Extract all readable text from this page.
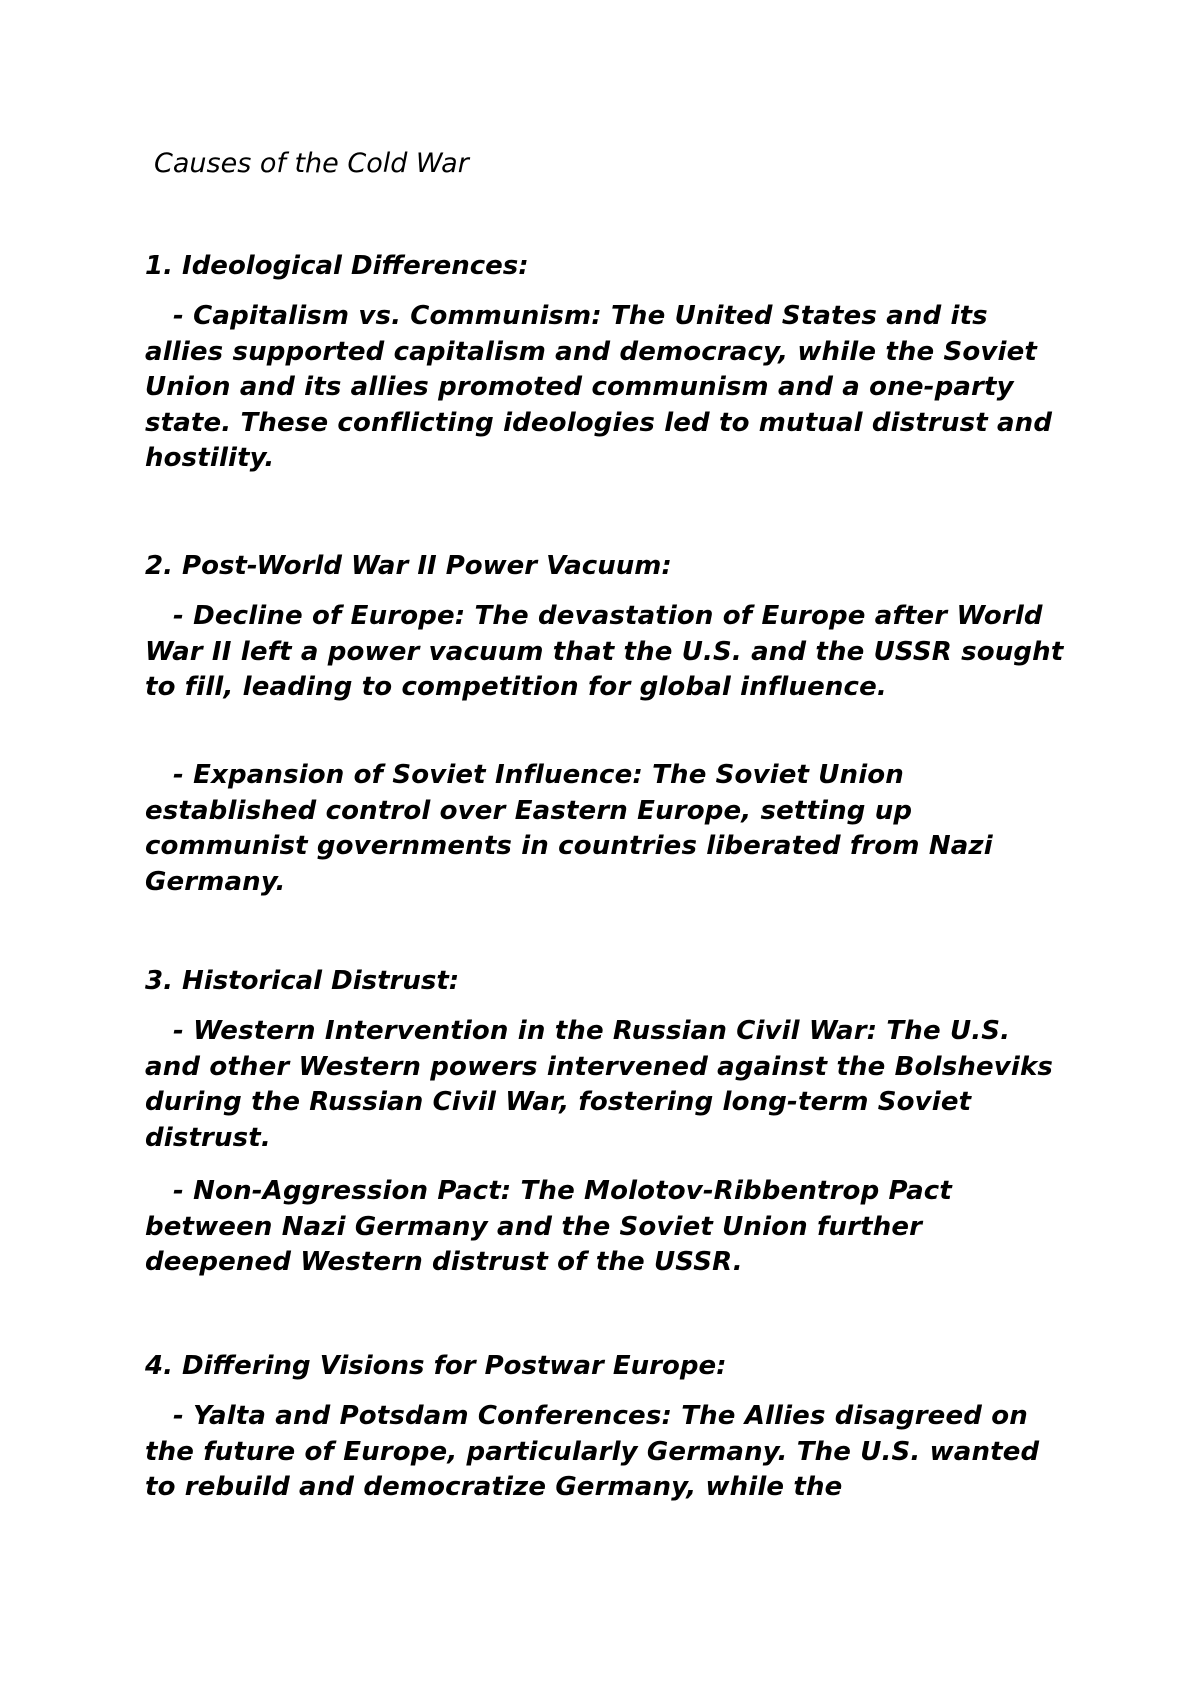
Causes of the Cold War
1. Ideological Differences:
- Capitalism vs. Communism: The United States and its allies supported capitalism and democracy, while the Soviet Union and its allies promoted communism and a one-party state. These conflicting ideologies led to mutual distrust and hostility.
2. Post-World War II Power Vacuum:
- Decline of Europe: The devastation of Europe after World War II left a power vacuum that the U.S. and the USSR sought to fill, leading to competition for global influence.
- Expansion of Soviet Influence: The Soviet Union established control over Eastern Europe, setting up communist governments in countries liberated from Nazi Germany.
3. Historical Distrust:
- Western Intervention in the Russian Civil War: The U.S. and other Western powers intervened against the Bolsheviks during the Russian Civil War, fostering long-term Soviet distrust.
- Non-Aggression Pact: The Molotov-Ribbentrop Pact between Nazi Germany and the Soviet Union further deepened Western distrust of the USSR.
4. Differing Visions for Postwar Europe:
- Yalta and Potsdam Conferences: The Allies disagreed on the future of Europe, particularly Germany. The U.S. wanted to rebuild and democratize Germany, while the
